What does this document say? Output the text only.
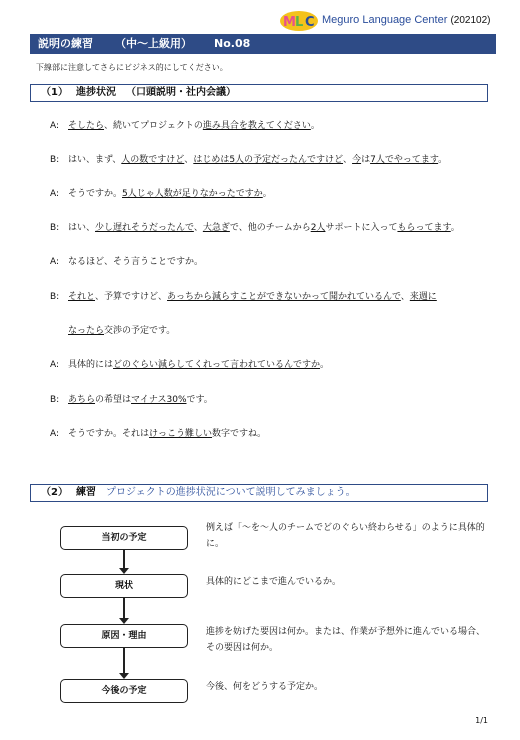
M L C Meguro Language Center (202102)
説明の練習 （中～上級用） No.08
下線部に注意してさらにビジネス的にしてください。
（1） 進捗状況 （口頭説明・社内会議）
A: そしたら、続いてプロジェクトの進み具合を教えてください。
B: はい、まず、人の数ですけど、はじめは5人の予定だったんですけど、今は7人でやってます。
A: そうですか。5人じゃ人数が足りなかったですか。
B: はい、少し遅れそうだったんで、大急ぎで、他のチームから2人サポートに入ってもらってます。
A: なるほど、そう言うことですか。
B: それと、予算ですけど、あっちから減らすことができないかって聞かれているんで、来週に
なったら交渉の予定です。
A: 具体的にはどのぐらい減らしてくれって言われているんですか。
B: あちらの希望はマイナス30%です。
A: そうですか。それはけっこう難しい数字ですね。
（2） 練習 プロジェクトの進捗状況について説明してみましょう。
当初の予定
例えば「～を～人のチームでどのぐらい終わらせる」のように具体的に。
現状	具体的にどこまで進んでいるか。
原因・理由	進捗を妨げた要因は何か。または、作業が予想外に進んでいる場合、その要因は何か。
今後の予定	今後、何をどうする予定か。
1/1
